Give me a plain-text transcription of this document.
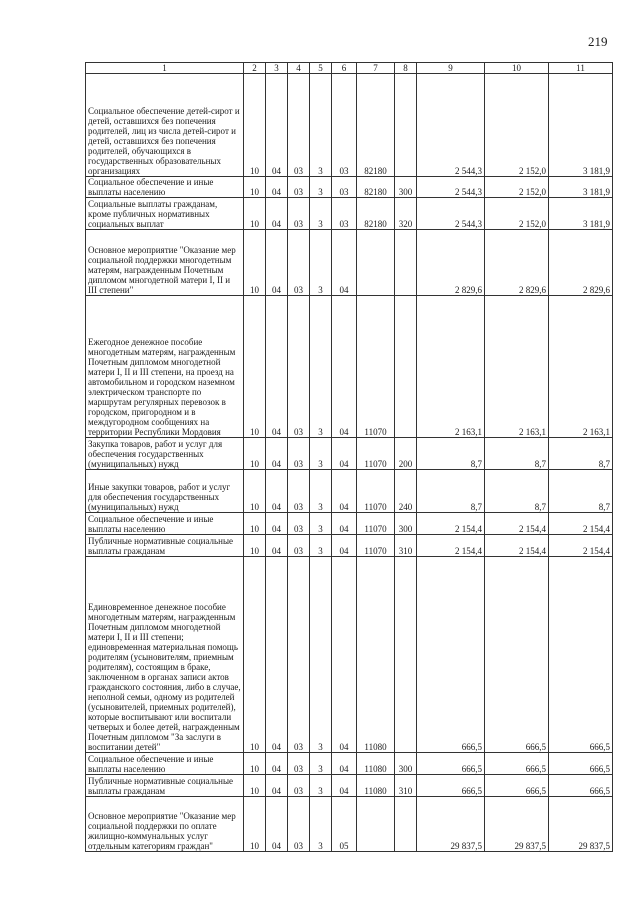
219
1	2	3	4	5	6	7	8	9	10	11
Социальное обеспечение детей-сирот и детей, оставшихся без попечения родителей, лиц из числа детей-сирот и детей, оставшихся без попечения родителей, обучающихся в государственных образовательных организациях	10	04	03	3	03	82180		2 544,3	2 152,0	3 181,9
Социальное обеспечение и иные выплаты населению	10	04	03	3	03	82180	300	2 544,3	2 152,0	3 181,9
Социальные выплаты гражданам, кроме публичных нормативных социальных выплат	10	04	03	3	03	82180	320	2 544,3	2 152,0	3 181,9
Основное мероприятие "Оказание мер социальной поддержки многодетным матерям, награжденным Почетным дипломом многодетной матери I, II и III степени"	10	04	03	3	04			2 829,6	2 829,6	2 829,6
Ежегодное денежное пособие многодетным матерям, награжденным Почетным дипломом многодетной матери I, II и III степени, на проезд на автомобильном и городском наземном электрическом транспорте по маршрутам регулярных перевозок в городском, пригородном и в междугородном сообщениях на территории Республики Мордовия	10	04	03	3	04	11070		2 163,1	2 163,1	2 163,1
Закупка товаров, работ и услуг для обеспечения государственных (муниципальных) нужд	10	04	03	3	04	11070	200	8,7	8,7	8,7
Иные закупки товаров, работ и услуг для обеспечения государственных (муниципальных) нужд	10	04	03	3	04	11070	240	8,7	8,7	8,7
Социальное обеспечение и иные выплаты населению	10	04	03	3	04	11070	300	2 154,4	2 154,4	2 154,4
Публичные нормативные социальные выплаты гражданам	10	04	03	3	04	11070	310	2 154,4	2 154,4	2 154,4
Единовременное денежное пособие многодетным матерям, награжденным Почетным дипломом многодетной матери I, II и III степени; единовременная материальная помощь родителям (усыновителям, приемным родителям), состоящим в браке, заключенном в органах записи актов гражданского состояния, либо в случае, неполной семьи, одному из родителей (усыновителей, приемных родителей), которые воспитывают или воспитали четверых и более детей, награжденным Почетным дипломом "За заслуги в воспитании детей"	10	04	03	3	04	11080		666,5	666,5	666,5
Социальное обеспечение и иные выплаты населению	10	04	03	3	04	11080	300	666,5	666,5	666,5
Публичные нормативные социальные выплаты гражданам	10	04	03	3	04	11080	310	666,5	666,5	666,5
Основное мероприятие "Оказание мер социальной поддержки по оплате жилищно-коммунальных услуг отдельным категориям граждан"	10	04	03	3	05			29 837,5	29 837,5	29 837,5
